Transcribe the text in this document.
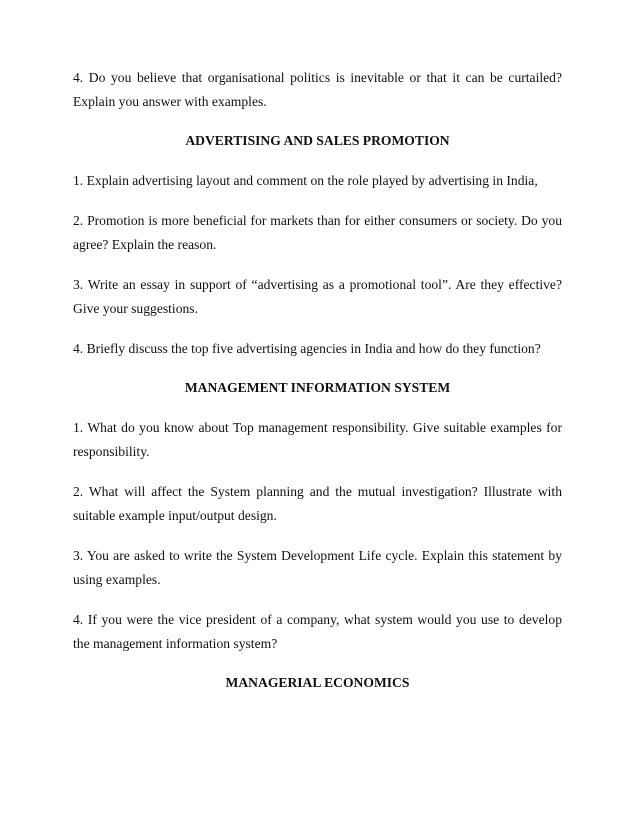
4. Do you believe that organisational politics is inevitable or that it can be curtailed? Explain you answer with examples.

ADVERTISING AND SALES PROMOTION

1. Explain advertising layout and comment on the role played by advertising in India,

2. Promotion is more beneficial for markets than for either consumers or society. Do you agree? Explain the reason.

3. Write an essay in support of “advertising as a promotional tool”. Are they effective? Give your suggestions.

4. Briefly discuss the top five advertising agencies in India and how do they function?

MANAGEMENT INFORMATION SYSTEM

1. What do you know about Top management responsibility. Give suitable examples for responsibility.

2. What will affect the System planning and the mutual investigation? Illustrate with suitable example input/output design.

3. You are asked to write the System Development Life cycle. Explain this statement by using examples.

4. If you were the vice president of a company, what system would you use to develop the management information system?

MANAGERIAL ECONOMICS
